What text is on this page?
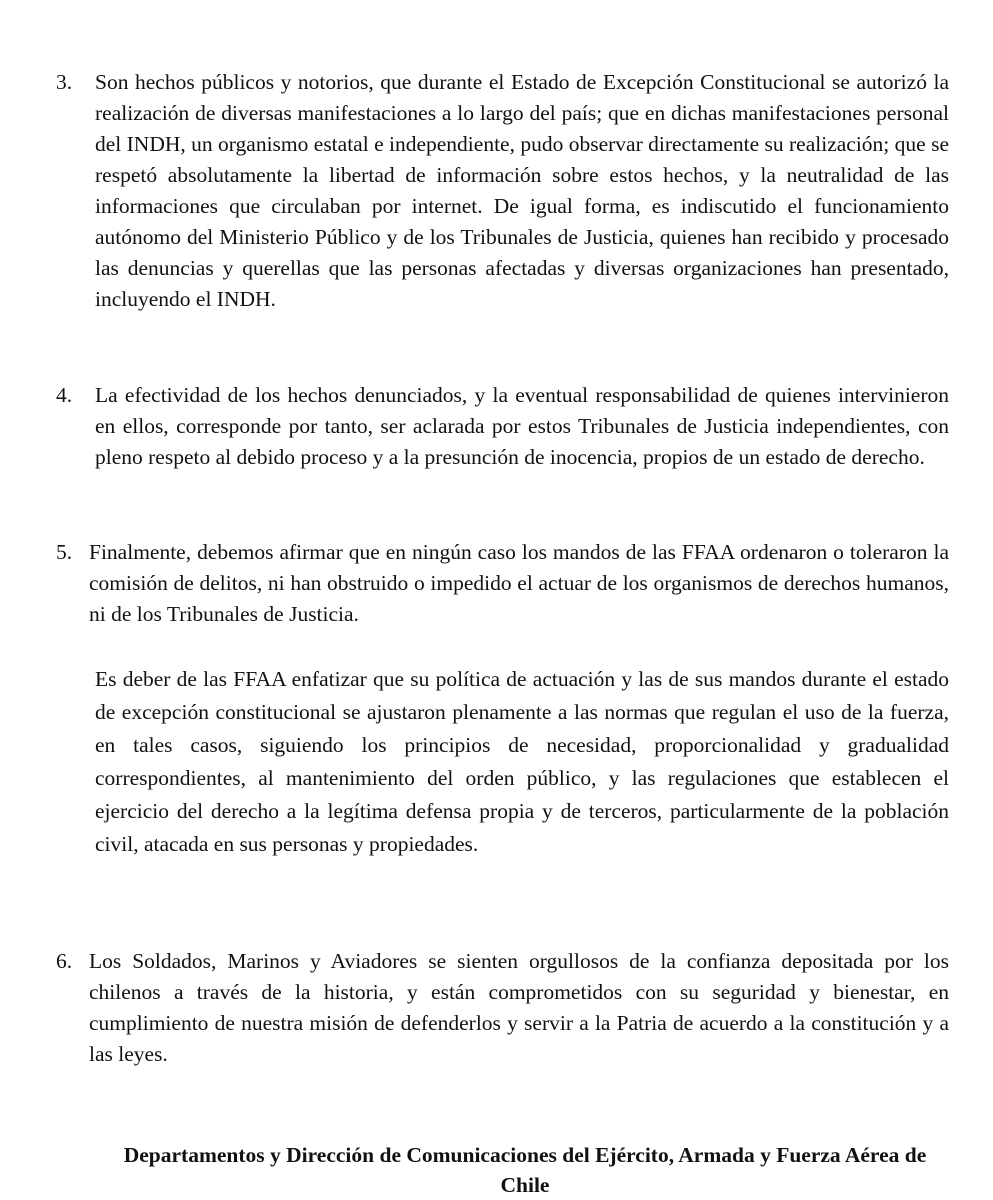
3. Son hechos públicos y notorios, que durante el Estado de Excepción Constitucional se autorizó la realización de diversas manifestaciones a lo largo del país; que en dichas manifestaciones personal del INDH, un organismo estatal e independiente, pudo observar directamente su realización; que se respetó absolutamente la libertad de información sobre estos hechos, y la neutralidad de las informaciones que circulaban por internet. De igual forma, es indiscutido el funcionamiento autónomo del Ministerio Público y de los Tribunales de Justicia, quienes han recibido y procesado las denuncias y querellas que las personas afectadas y diversas organizaciones han presentado, incluyendo el INDH.
4. La efectividad de los hechos denunciados, y la eventual responsabilidad de quienes intervinieron en ellos, corresponde por tanto, ser aclarada por estos Tribunales de Justicia independientes, con pleno respeto al debido proceso y a la presunción de inocencia, propios de un estado de derecho.
5. Finalmente, debemos afirmar que en ningún caso los mandos de las FFAA ordenaron o toleraron la comisión de delitos, ni han obstruido o impedido el actuar de los organismos de derechos humanos, ni de los Tribunales de Justicia.
Es deber de las FFAA enfatizar que su política de actuación y las de sus mandos durante el estado de excepción constitucional se ajustaron plenamente a las normas que regulan el uso de la fuerza, en tales casos, siguiendo los principios de necesidad, proporcionalidad y gradualidad correspondientes, al mantenimiento del orden público, y las regulaciones que establecen el ejercicio del derecho a la legítima defensa propia y de terceros, particularmente de la población civil, atacada en sus personas y propiedades.
6. Los Soldados, Marinos y Aviadores se sienten orgullosos de la confianza depositada por los chilenos a través de la historia, y están comprometidos con su seguridad y bienestar, en cumplimiento de nuestra misión de defenderlos y servir a la Patria de acuerdo a la constitución y a las leyes.
Departamentos y Dirección de Comunicaciones del Ejército, Armada y Fuerza Aérea de Chile
